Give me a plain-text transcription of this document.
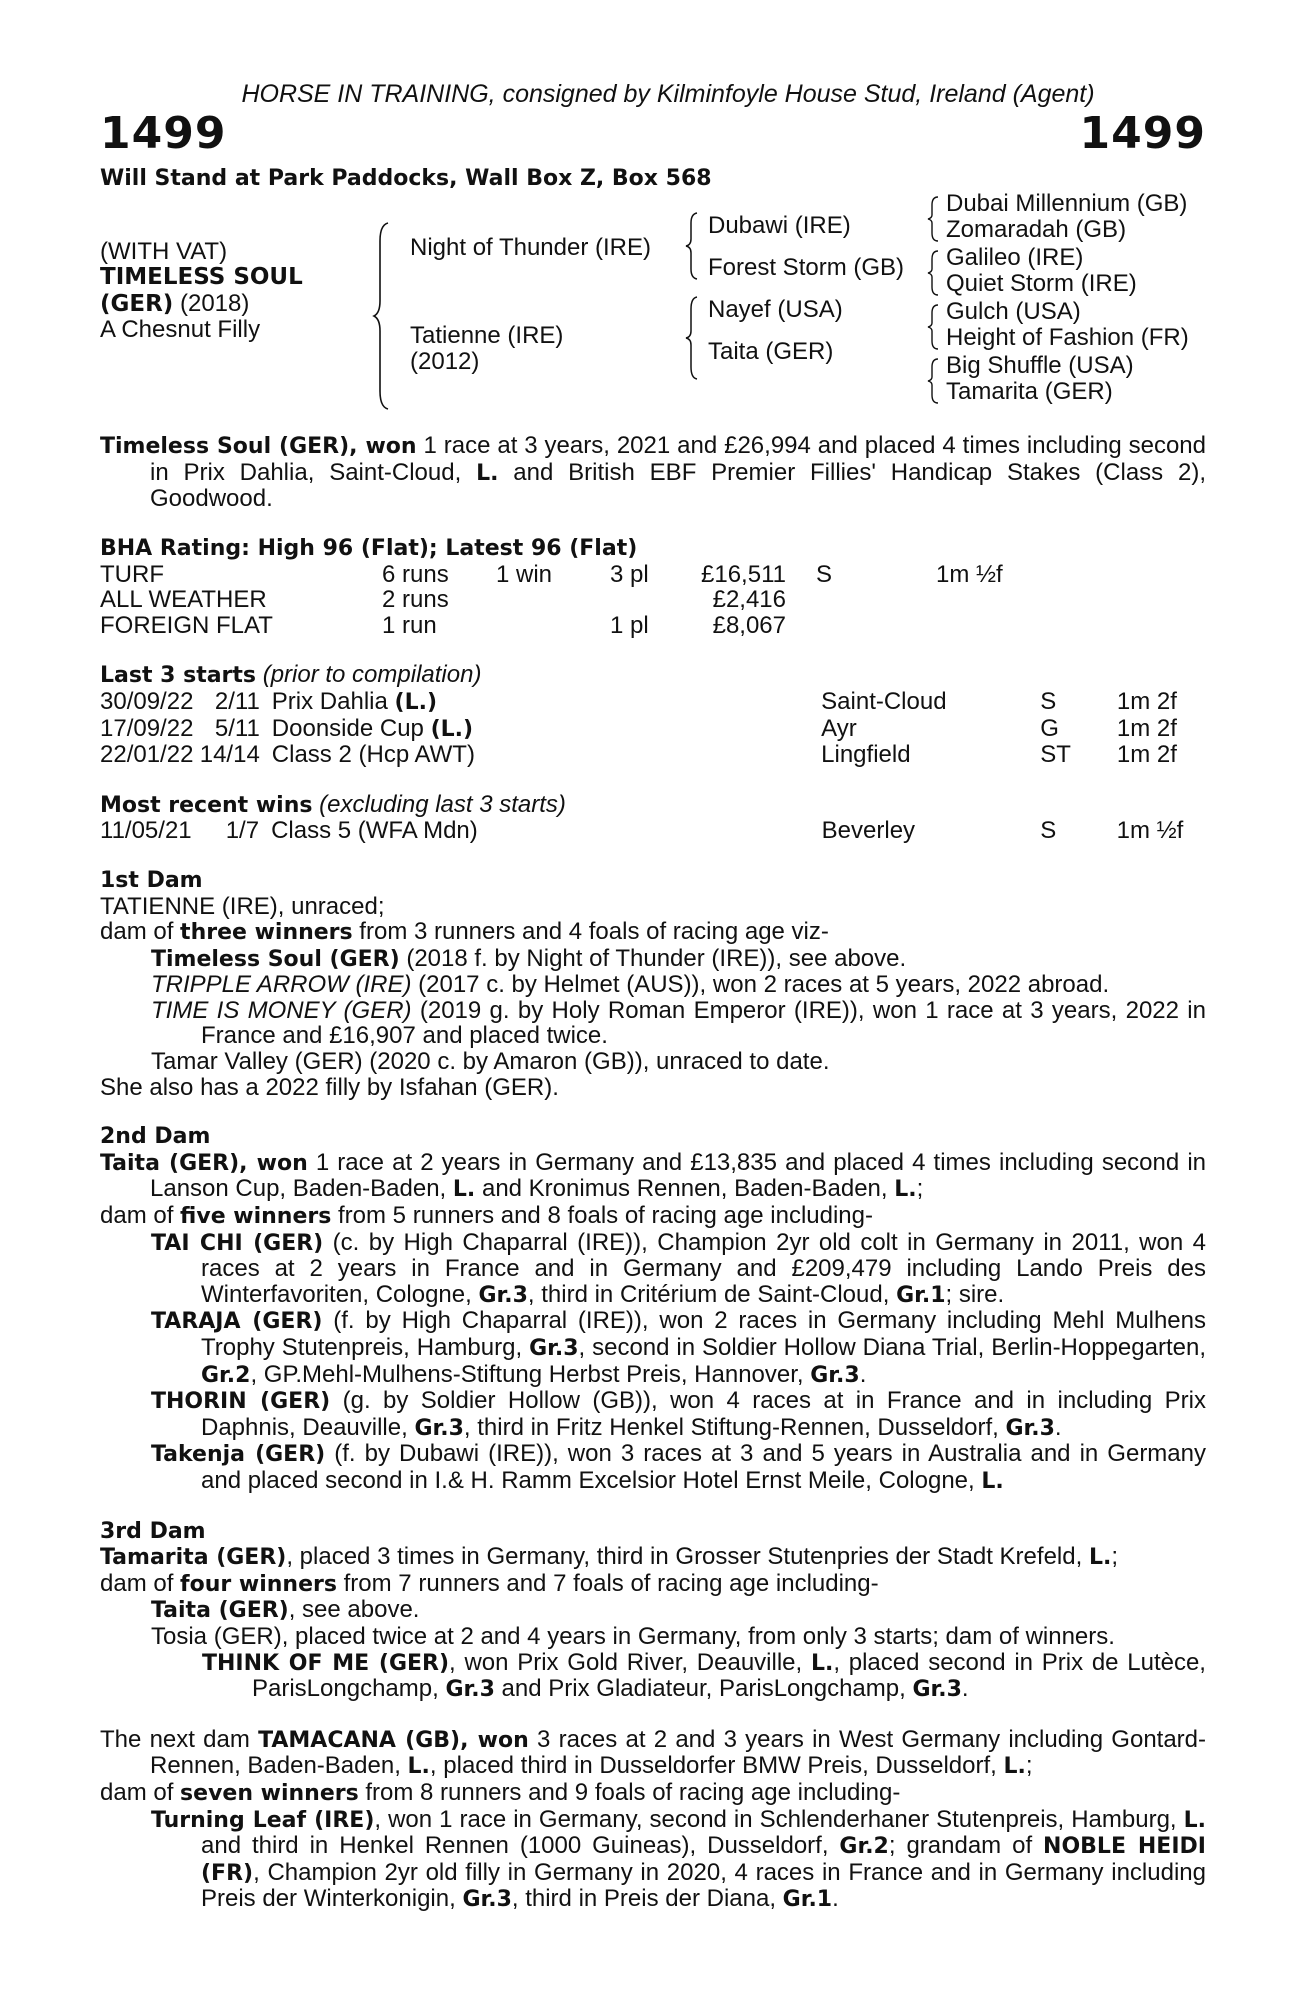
HORSE IN TRAINING, consigned by Kilminfoyle House Stud, Ireland (Agent)
1499	1499
Will Stand at Park Paddocks, Wall Box Z, Box 568
(WITH VAT)
TIMELESS SOUL
(GER) (2018)
A Chesnut Filly
Night of Thunder (IRE)
Tatienne (IRE)
(2012)
Dubawi (IRE)
Forest Storm (GB)
Nayef (USA)
Taita (GER)
Dubai Millennium (GB)
Zomaradah (GB)
Galileo (IRE)
Quiet Storm (IRE)
Gulch (USA)
Height of Fashion (FR)
Big Shuffle (USA)
Tamarita (GER)
Timeless Soul (GER), won 1 race at 3 years, 2021 and £26,994 and placed 4 times including second in Prix Dahlia, Saint-Cloud, L. and British EBF Premier Fillies' Handicap Stakes (Class 2), Goodwood.
BHA Rating: High 96 (Flat); Latest 96 (Flat)
TURF	6 runs	1 win	3 pl	£16,511		S	1m ½f
ALL WEATHER	2 runs			£2,416			
FOREIGN FLAT	1 run		1 pl	£8,067			
Last 3 starts (prior to compilation)
30/09/22	2/11	Prix Dahlia (L.)	Saint-Cloud	S	1m 2f
17/09/22	5/11	Doonside Cup (L.)	Ayr	G	1m 2f
22/01/22	14/14	Class 2 (Hcp AWT)	Lingfield	ST	1m 2f
Most recent wins (excluding last 3 starts)
11/05/21	1/7	Class 5 (WFA Mdn)	Beverley	S	1m ½f
1st Dam
TATIENNE (IRE), unraced;
dam of three winners from 3 runners and 4 foals of racing age viz-
Timeless Soul (GER) (2018 f. by Night of Thunder (IRE)), see above.
TRIPPLE ARROW (IRE) (2017 c. by Helmet (AUS)), won 2 races at 5 years, 2022 abroad.
TIME IS MONEY (GER) (2019 g. by Holy Roman Emperor (IRE)), won 1 race at 3 years, 2022 in France and £16,907 and placed twice.
Tamar Valley (GER) (2020 c. by Amaron (GB)), unraced to date.
She also has a 2022 filly by Isfahan (GER).
2nd Dam
Taita (GER), won 1 race at 2 years in Germany and £13,835 and placed 4 times including second in Lanson Cup, Baden-Baden, L. and Kronimus Rennen, Baden-Baden, L.;
dam of five winners from 5 runners and 8 foals of racing age including-
TAI CHI (GER) (c. by High Chaparral (IRE)), Champion 2yr old colt in Germany in 2011, won 4 races at 2 years in France and in Germany and £209,479 including Lando Preis des Winterfavoriten, Cologne, Gr.3, third in Critérium de Saint-Cloud, Gr.1; sire.
TARAJA (GER) (f. by High Chaparral (IRE)), won 2 races in Germany including Mehl Mulhens Trophy Stutenpreis, Hamburg, Gr.3, second in Soldier Hollow Diana Trial, Berlin-Hoppegarten, Gr.2, GP.Mehl-Mulhens-Stiftung Herbst Preis, Hannover, Gr.3.
THORIN (GER) (g. by Soldier Hollow (GB)), won 4 races at in France and in including Prix Daphnis, Deauville, Gr.3, third in Fritz Henkel Stiftung-Rennen, Dusseldorf, Gr.3.
Takenja (GER) (f. by Dubawi (IRE)), won 3 races at 3 and 5 years in Australia and in Germany and placed second in I.& H. Ramm Excelsior Hotel Ernst Meile, Cologne, L.
3rd Dam
Tamarita (GER), placed 3 times in Germany, third in Grosser Stutenpries der Stadt Krefeld, L.;
dam of four winners from 7 runners and 7 foals of racing age including-
Taita (GER), see above.
Tosia (GER), placed twice at 2 and 4 years in Germany, from only 3 starts; dam of winners.
THINK OF ME (GER), won Prix Gold River, Deauville, L., placed second in Prix de Lutèce, ParisLongchamp, Gr.3 and Prix Gladiateur, ParisLongchamp, Gr.3.
The next dam TAMACANA (GB), won 3 races at 2 and 3 years in West Germany including Gontard-Rennen, Baden-Baden, L., placed third in Dusseldorfer BMW Preis, Dusseldorf, L.;
dam of seven winners from 8 runners and 9 foals of racing age including-
Turning Leaf (IRE), won 1 race in Germany, second in Schlenderhaner Stutenpreis, Hamburg, L. and third in Henkel Rennen (1000 Guineas), Dusseldorf, Gr.2; grandam of NOBLE HEIDI (FR), Champion 2yr old filly in Germany in 2020, 4 races in France and in Germany including Preis der Winterkonigin, Gr.3, third in Preis der Diana, Gr.1.
